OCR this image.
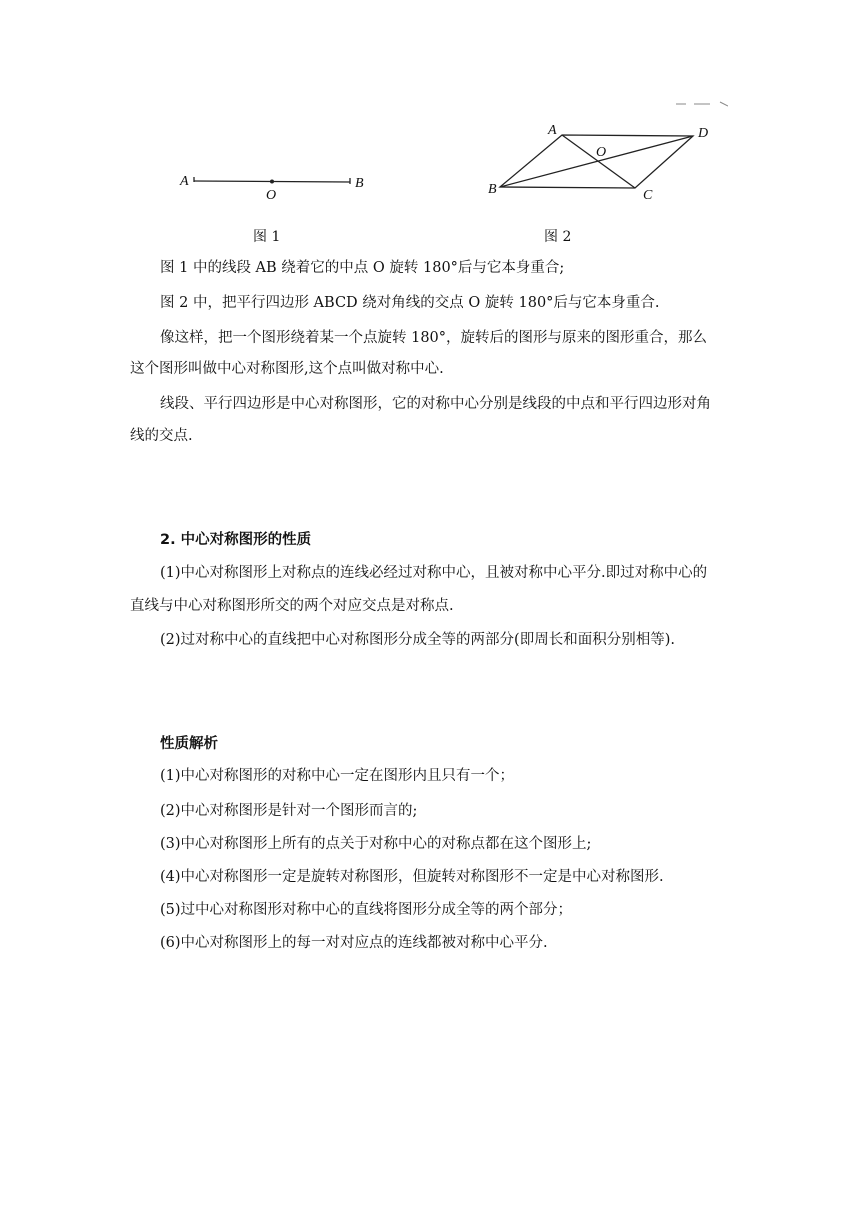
A	B
O
A	D
O
B	C
图 1	图 2

图 1 中的线段 AB 绕着它的中点 O 旋转 180°后与它本身重合;

图 2 中，把平行四边形 ABCD 绕对角线的交点 O 旋转 180°后与它本身重合.

像这样，把一个图形绕着某一个点旋转 180°，旋转后的图形与原来的图形重合，那么

这个图形叫做中心对称图形,这个点叫做对称中心.

线段、平行四边形是中心对称图形，它的对称中心分别是线段的中点和平行四边形对角

线的交点.

2. 中心对称图形的性质

(1)中心对称图形上对称点的连线必经过对称中心，且被对称中心平分.即过对称中心的

直线与中心对称图形所交的两个对应交点是对称点.

(2)过对称中心的直线把中心对称图形分成全等的两部分(即周长和面积分别相等).

性质解析

(1)中心对称图形的对称中心一定在图形内且只有一个；

(2)中心对称图形是针对一个图形而言的;

(3)中心对称图形上所有的点关于对称中心的对称点都在这个图形上;

(4)中心对称图形一定是旋转对称图形，但旋转对称图形不一定是中心对称图形.

(5)过中心对称图形对称中心的直线将图形分成全等的两个部分；

(6)中心对称图形上的每一对对应点的连线都被对称中心平分.
